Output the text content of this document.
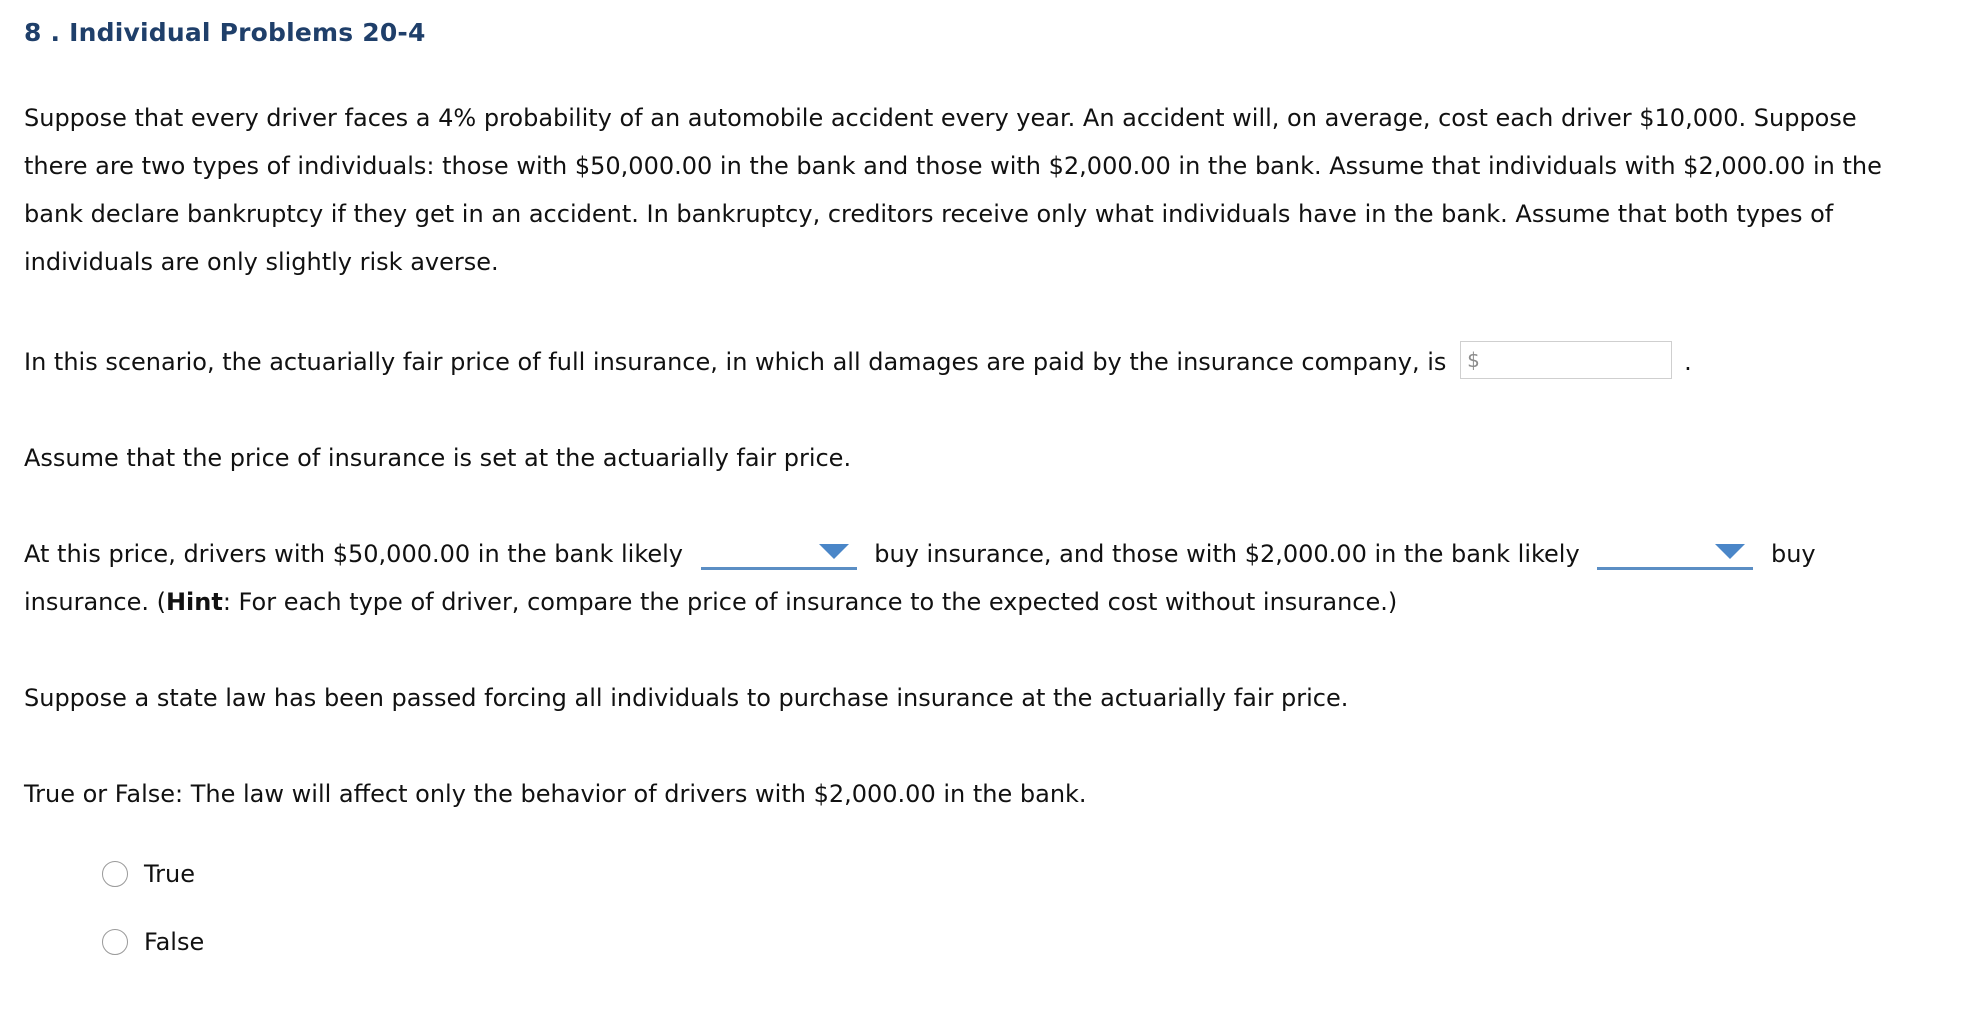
8 . Individual Problems 20-4
Suppose that every driver faces a 4% probability of an automobile accident every year. An accident will, on average, cost each driver $10,000. Suppose there are two types of individuals: those with $50,000.00 in the bank and those with $2,000.00 in the bank. Assume that individuals with $2,000.00 in the bank declare bankruptcy if they get in an accident. In bankruptcy, creditors receive only what individuals have in the bank. Assume that both types of individuals are only slightly risk averse.
In this scenario, the actuarially fair price of full insurance, in which all damages are paid by the insurance company, is $	.
Assume that the price of insurance is set at the actuarially fair price.
At this price, drivers with $50,000.00 in the bank likely	buy insurance, and those with $2,000.00 in the bank likely	buy insurance. (Hint: For each type of driver, compare the price of insurance to the expected cost without insurance.)
Suppose a state law has been passed forcing all individuals to purchase insurance at the actuarially fair price.
True or False: The law will affect only the behavior of drivers with $2,000.00 in the bank.
True
False
